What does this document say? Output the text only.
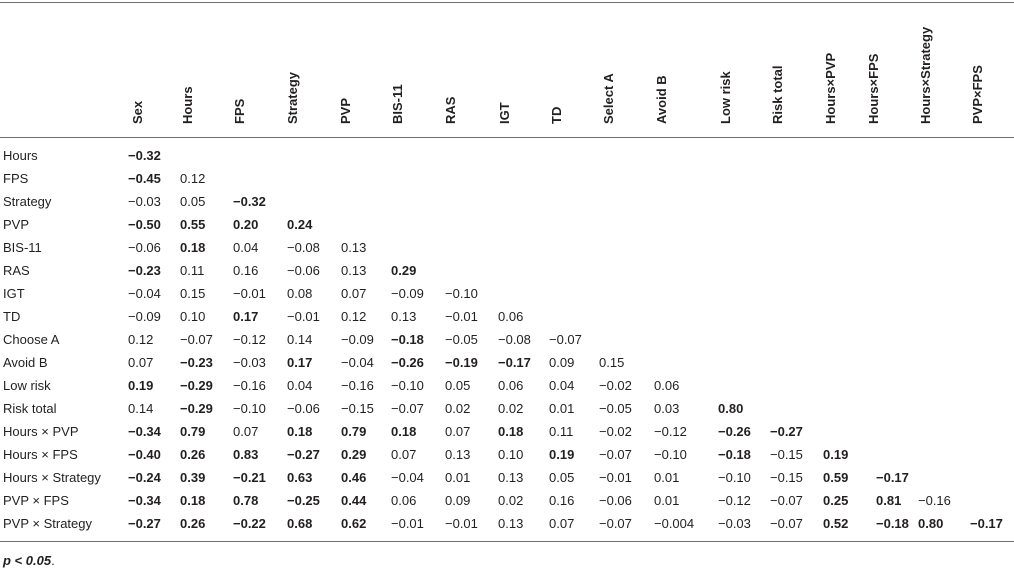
Sex	Hours	FPS	Strategy	PVP	BIS-11	RAS	IGT	TD	Select A	Avoid B	Low risk	Risk total	Hours×PVP Hours×FPS	Hours×Strategy	PVP×FPS
Hours	−0.32
FPS	−0.45 0.12
Strategy	−0.03 0.05 −0.32
PVP	−0.50 0.55 0.20 0.24
BIS-11	−0.06 0.18 0.04 −0.08 0.13
RAS	−0.23 0.11 0.16 −0.06 0.13 0.29
IGT	−0.04 0.15 −0.01 0.08 0.07 −0.09 −0.10
TD	−0.09 0.10 0.17 −0.01 0.12 0.13 −0.01 0.06
Choose A	0.12 −0.07 −0.12 0.14 −0.09 −0.18 −0.05 −0.08 −0.07
Avoid B	0.07 −0.23 −0.03 0.17 −0.04 −0.26 −0.19 −0.17 0.09 0.15
Low risk	0.19 −0.29 −0.16 0.04 −0.16 −0.10 0.05 0.06 0.04 −0.02 0.06
Risk total	0.14 −0.29 −0.10 −0.06 −0.15 −0.07 0.02 0.02 0.01 −0.05 0.03	0.80
Hours × PVP	−0.34 0.79 0.07 0.18 0.79 0.18 0.07 0.18 0.11 −0.02 −0.12 −0.26 −0.27
Hours × FPS	−0.40 0.26 0.83 −0.27 0.29 0.07 0.13 0.10 0.19 −0.07 −0.10 −0.18 −0.15 0.19
Hours × Strategy −0.24 0.39 −0.21 0.63 0.46 −0.04 0.01 0.13 0.05 −0.01 0.01	−0.10 −0.15 0.59 −0.17
PVP × FPS	−0.34 0.18 0.78 −0.25 0.44 0.06 0.09 0.02 0.16 −0.06 0.01	−0.12 −0.07 0.25 0.81 −0.16
PVP × Strategy	−0.27 0.26 −0.22 0.68 0.62 −0.01 −0.01 0.13 0.07 −0.07 −0.004 −0.03 −0.07 0.52 −0.18 0.80 −0.17
p < 0.05.
